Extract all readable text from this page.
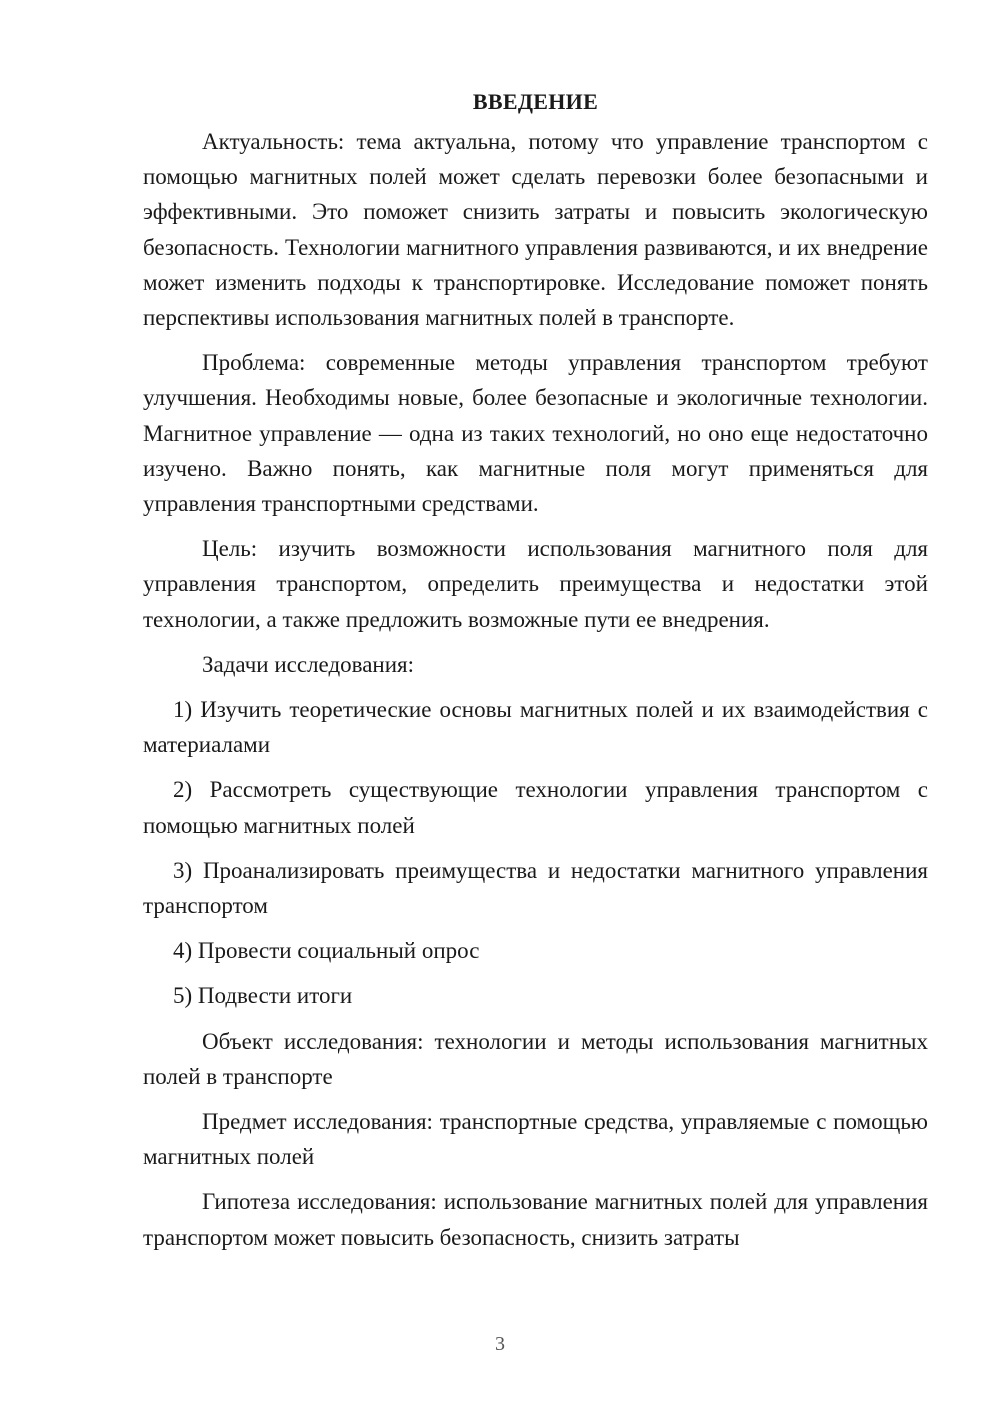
ВВЕДЕНИЕ

Актуальность: тема актуальна, потому что управление транспортом с помощью магнитных полей может сделать перевозки более безопасными и эффективными. Это поможет снизить затраты и повысить экологическую безопасность. Технологии магнитного управления развиваются, и их внедрение может изменить подходы к транспортировке. Исследование поможет понять перспективы использования магнитных полей в транспорте.

Проблема: современные методы управления транспортом требуют улучшения. Необходимы новые, более безопасные и экологичные технологии. Магнитное управление — одна из таких технологий, но оно еще недостаточно изучено. Важно понять, как магнитные поля могут применяться для управления транспортными средствами.

Цель: изучить возможности использования магнитного поля для управления транспортом, определить преимущества и недостатки этой технологии, а также предложить возможные пути ее внедрения.

Задачи исследования:

1) Изучить теоретические основы магнитных полей и их взаимодействия с материалами

2) Рассмотреть существующие технологии управления транспортом с помощью магнитных полей

3) Проанализировать преимущества и недостатки магнитного управления транспортом

4) Провести социальный опрос

5) Подвести итоги

Объект исследования: технологии и методы использования магнитных полей в транспорте

Предмет исследования: транспортные средства, управляемые с помощью магнитных полей

Гипотеза исследования: использование магнитных полей для управления транспортом может повысить безопасность, снизить затраты

3
